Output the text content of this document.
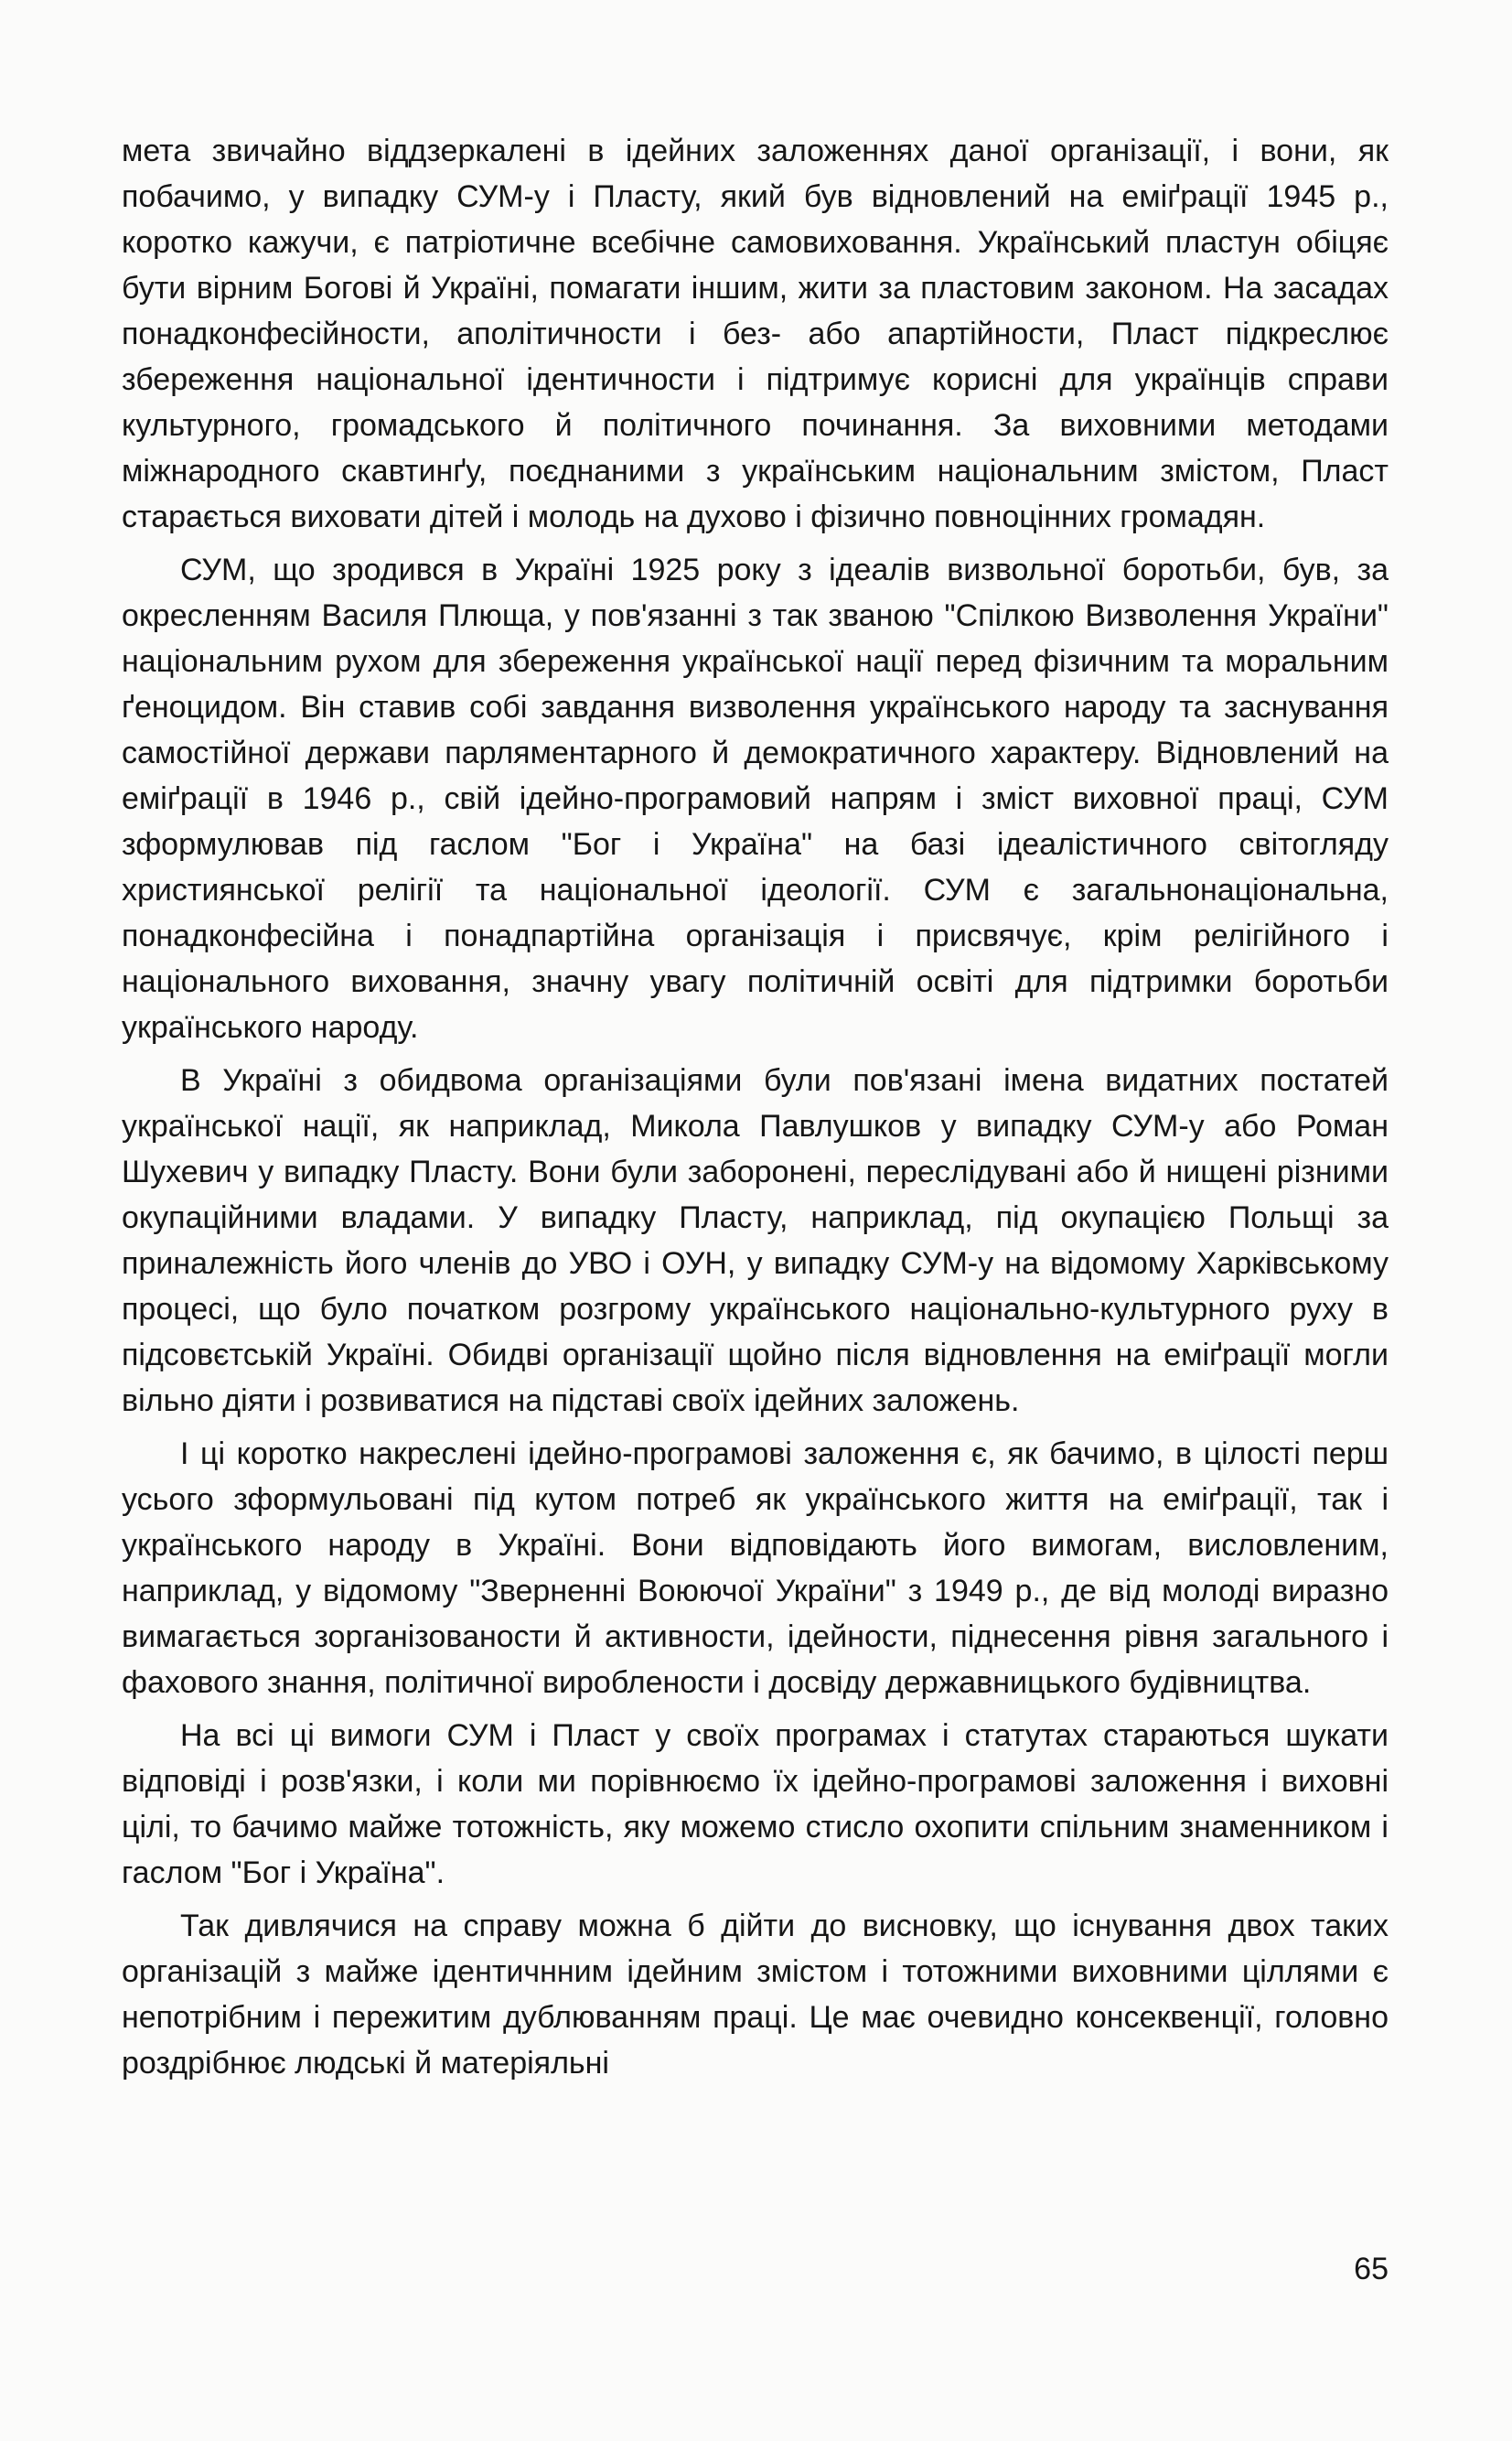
мета звичайно віддзеркалені в ідейних заложеннях даної організації, і вони, як побачимо, у випадку СУМ-у і Пласту, який був відновлений на еміґрації 1945 р., коротко кажучи, є патріотичне всебічне самовиховання. Український пластун обіцяє бути вірним Богові й Україні, помагати іншим, жити за пластовим законом. На засадах понадконфесійности, аполітичности і без- або апартійности, Пласт підкреслює збереження національної ідентичности і підтримує корисні для українців справи культурного, громадського й політичного починання. За виховними методами міжнародного скавтинґу, поєднаними з українським національним змістом, Пласт старається виховати дітей і молодь на духово і фізично повноцінних громадян.

СУМ, що зродився в Україні 1925 року з ідеалів визвольної боротьби, був, за окресленням Василя Плюща, у пов'язанні з так званою "Спілкою Визволення України" національним рухом для збереження української нації перед фізичним та моральним ґеноцидом. Він ставив собі завдання визволення українського народу та заснування самостійної держави парляментарного й демократичного характеру. Відновлений на еміґрації в 1946 р., свій ідейно-програмовий напрям і зміст виховної праці, СУМ зформулював під гаслом "Бог і Україна" на базі ідеалістичного світогляду християнської релігії та національної ідеології. СУМ є загальнонаціональна, понадконфесійна і понадпартійна організація і присвячує, крім релігійного і національного виховання, значну увагу політичній освіті для підтримки боротьби українського народу.

В Україні з обидвома організаціями були пов'язані імена видатних постатей української нації, як наприклад, Микола Павлушков у випадку СУМ-у або Роман Шухевич у випадку Пласту. Вони були заборонені, переслідувані або й нищені різними окупаційними владами. У випадку Пласту, наприклад, під окупацією Польщі за приналежність його членів до УВО і ОУН, у випадку СУМ-у на відомому Харківському процесі, що було початком розгрому українського національно-культурного руху в підсовєтській Україні. Обидві організації щойно після відновлення на еміґрації могли вільно діяти і розвиватися на підставі своїх ідейних заложень.

І ці коротко накреслені ідейно-програмові заложення є, як бачимо, в цілості перш усього зформульовані під кутом потреб як українського життя на еміґрації, так і українського народу в Україні. Вони відповідають його вимогам, висловленим, наприклад, у відомому "Зверненні Воюючої України" з 1949 р., де від молоді виразно вимагається зорганізованости й активности, ідейности, піднесення рівня загального і фахового знання, політичної вироблености і досвіду державницького будівництва.

На всі ці вимоги СУМ і Пласт у своїх програмах і статутах стараються шукати відповіді і розв'язки, і коли ми порівнюємо їх ідейно-програмові заложення і виховні цілі, то бачимо майже тотожність, яку можемо стисло охопити спільним знаменником і гаслом "Бог і Україна".

Так дивлячися на справу можна б дійти до висновку, що існування двох таких організацій з майже ідентичнним ідейним змістом і тотожними виховними ціллями є непотрібним і пережитим дублюванням праці. Це має очевидно консеквенції, головно роздрібнює людські й матеріяльні

65
